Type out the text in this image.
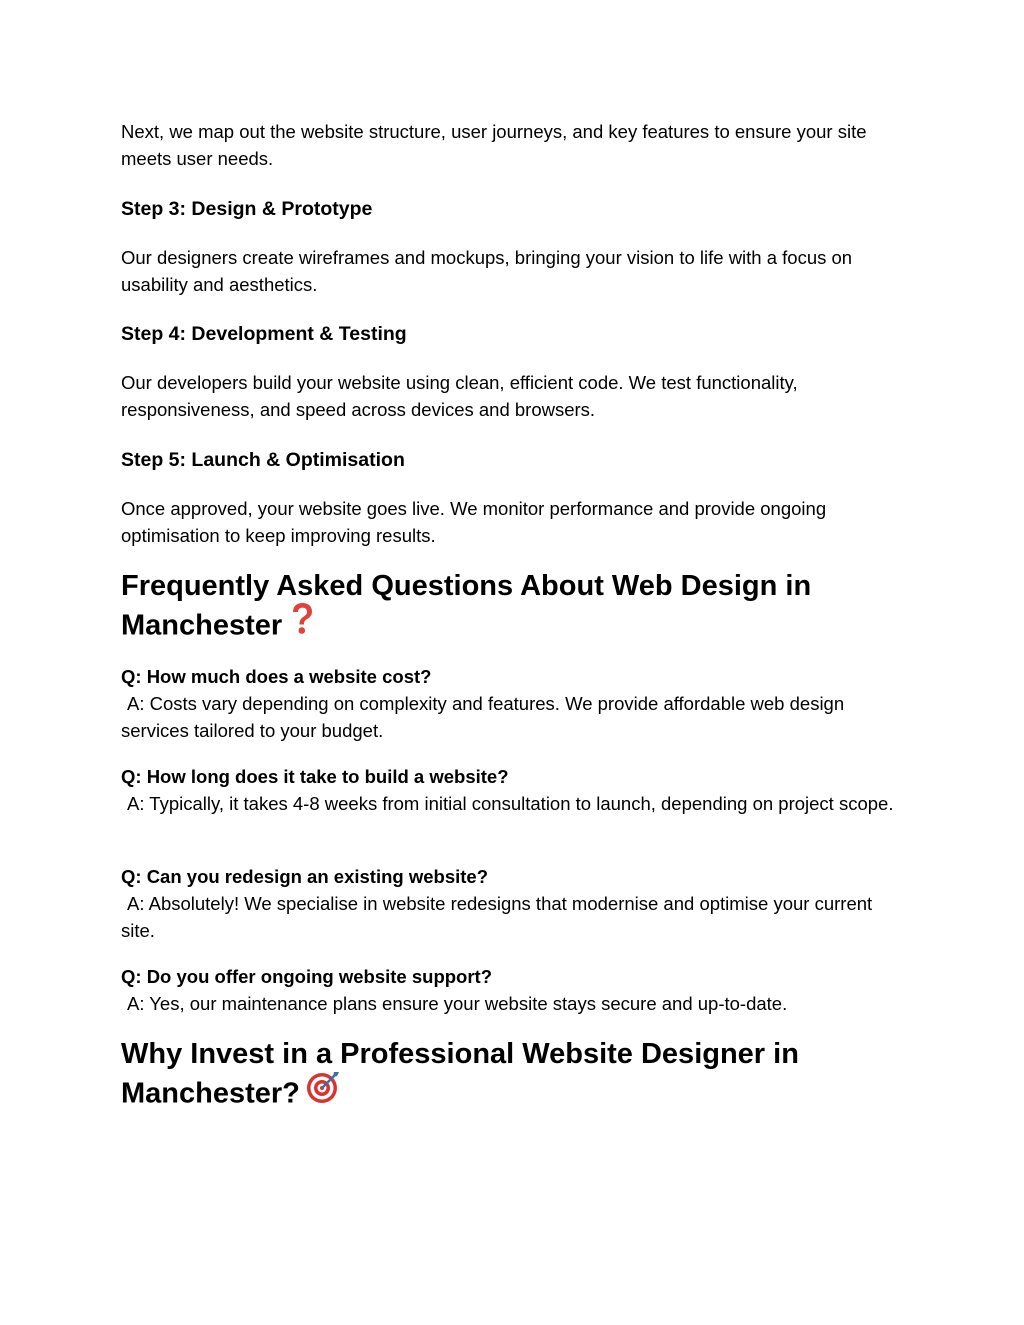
Next, we map out the website structure, user journeys, and key features to ensure your site meets user needs.

Step 3: Design & Prototype

Our designers create wireframes and mockups, bringing your vision to life with a focus on usability and aesthetics.

Step 4: Development & Testing

Our developers build your website using clean, efficient code. We test functionality, responsiveness, and speed across devices and browsers.

Step 5: Launch & Optimisation

Once approved, your website goes live. We monitor performance and provide ongoing optimisation to keep improving results.

Frequently Asked Questions About Web Design in Manchester

Q: How much does a website cost?

A: Costs vary depending on complexity and features. We provide affordable web design services tailored to your budget.

Q: How long does it take to build a website?

A: Typically, it takes 4-8 weeks from initial consultation to launch, depending on project scope.

Q: Can you redesign an existing website?

A: Absolutely! We specialise in website redesigns that modernise and optimise your current site.

Q: Do you offer ongoing website support?

A: Yes, our maintenance plans ensure your website stays secure and up-to-date.

Why Invest in a Professional Website Designer in Manchester?
